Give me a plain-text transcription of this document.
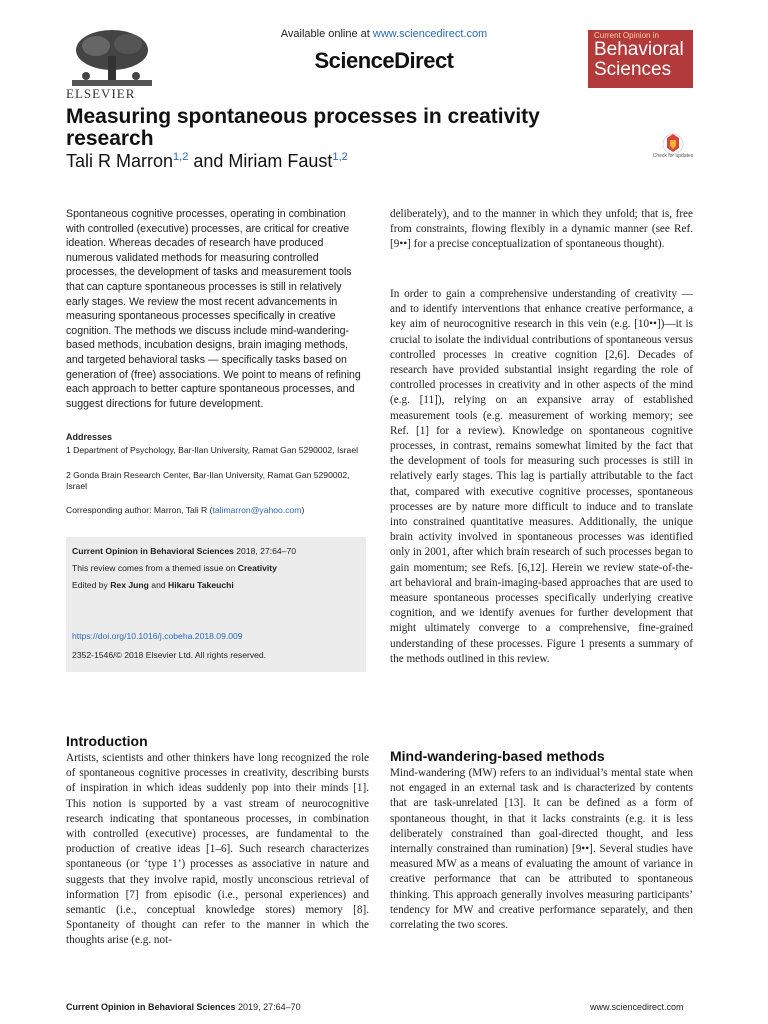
ELSEVIER
Available online at www.sciencedirect.com
ScienceDirect
Current Opinion in
Behavioral
Sciences
Measuring spontaneous processes in creativity research
Tali R Marron$^{1,2}$ and Miriam Faust$^{1,2}$	Check for updates
Spontaneous cognitive processes, operating in combination with controlled (executive) processes, are critical for creative ideation. Whereas decades of research have produced numerous validated methods for measuring controlled processes, the development of tasks and measurement tools that can capture spontaneous processes is still in relatively early stages. We review the most recent advancements in measuring spontaneous processes specifically in creative cognition. The methods we discuss include mind-wandering-based methods, incubation designs, brain imaging methods, and targeted behavioral tasks — specifically tasks based on generation of (free) associations. We point to means of refining each approach to better capture spontaneous processes, and suggest directions for future development.
Addresses
1 Department of Psychology, Bar-Ilan University, Ramat Gan 5290002, Israel
2 Gonda Brain Research Center, Bar-Ilan University, Ramat Gan 5290002, Israel
Corresponding author: Marron, Tali R (talimarron@yahoo.com)
Current Opinion in Behavioral Sciences 2018, 27:64–70
This review comes from a themed issue on Creativity
Edited by Rex Jung and Hikaru Takeuchi
https://doi.org/10.1016/j.cobeha.2018.09.009
2352-1546/© 2018 Elsevier Ltd. All rights reserved.
Introduction
Artists, scientists and other thinkers have long recognized the role of spontaneous cognitive processes in creativity, describing bursts of inspiration in which ideas suddenly pop into their minds [1]. This notion is supported by a vast stream of neurocognitive research indicating that spontaneous processes, in combination with controlled (executive) processes, are fundamental to the production of creative ideas [1–6]. Such research characterizes spontaneous (or ‘type 1’) processes as associative in nature and suggests that they involve rapid, mostly unconscious retrieval of information [7] from episodic (i.e., personal experiences) and semantic (i.e., conceptual knowledge stores) memory [8]. Spontaneity of thought can refer to the manner in which the thoughts arise (e.g. not-
deliberately), and to the manner in which they unfold; that is, free from constraints, flowing flexibly in a dynamic manner (see Ref. [9••] for a precise conceptualization of spontaneous thought).
In order to gain a comprehensive understanding of creativity — and to identify interventions that enhance creative performance, a key aim of neurocognitive research in this vein (e.g. [10••])—it is crucial to isolate the individual contributions of spontaneous versus controlled processes in creative cognition [2,6]. Decades of research have provided substantial insight regarding the role of controlled processes in creativity and in other aspects of the mind (e.g. [11]), relying on an expansive array of established measurement tools (e.g. measurement of working memory; see Ref. [1] for a review). Knowledge on spontaneous cognitive processes, in contrast, remains somewhat limited by the fact that the development of tools for measuring such processes is still in relatively early stages. This lag is partially attributable to the fact that, compared with executive cognitive processes, spontaneous processes are by nature more difficult to induce and to translate into constrained quantitative measures. Additionally, the unique brain activity involved in spontaneous processes was identified only in 2001, after which brain research of such processes began to gain momentum; see Refs. [6,12]. Herein we review state-of-the-art behavioral and brain-imaging-based approaches that are used to measure spontaneous processes specifically underlying creative cognition, and we identify avenues for further development that might ultimately converge to a comprehensive, fine-grained understanding of these processes. Figure 1 presents a summary of the methods outlined in this review.
Mind-wandering-based methods
Mind-wandering (MW) refers to an individual’s mental state when not engaged in an external task and is characterized by contents that are task-unrelated [13]. It can be defined as a form of spontaneous thought, in that it lacks constraints (e.g. it is less deliberately constrained than goal-directed thought, and less internally constrained than rumination) [9••]. Several studies have measured MW as a means of evaluating the amount of variance in creative performance that can be attributed to spontaneous thinking. This approach generally involves measuring participants’ tendency for MW and creative performance separately, and then correlating the two scores.
Current Opinion in Behavioral Sciences 2019, 27:64–70	www.sciencedirect.com
